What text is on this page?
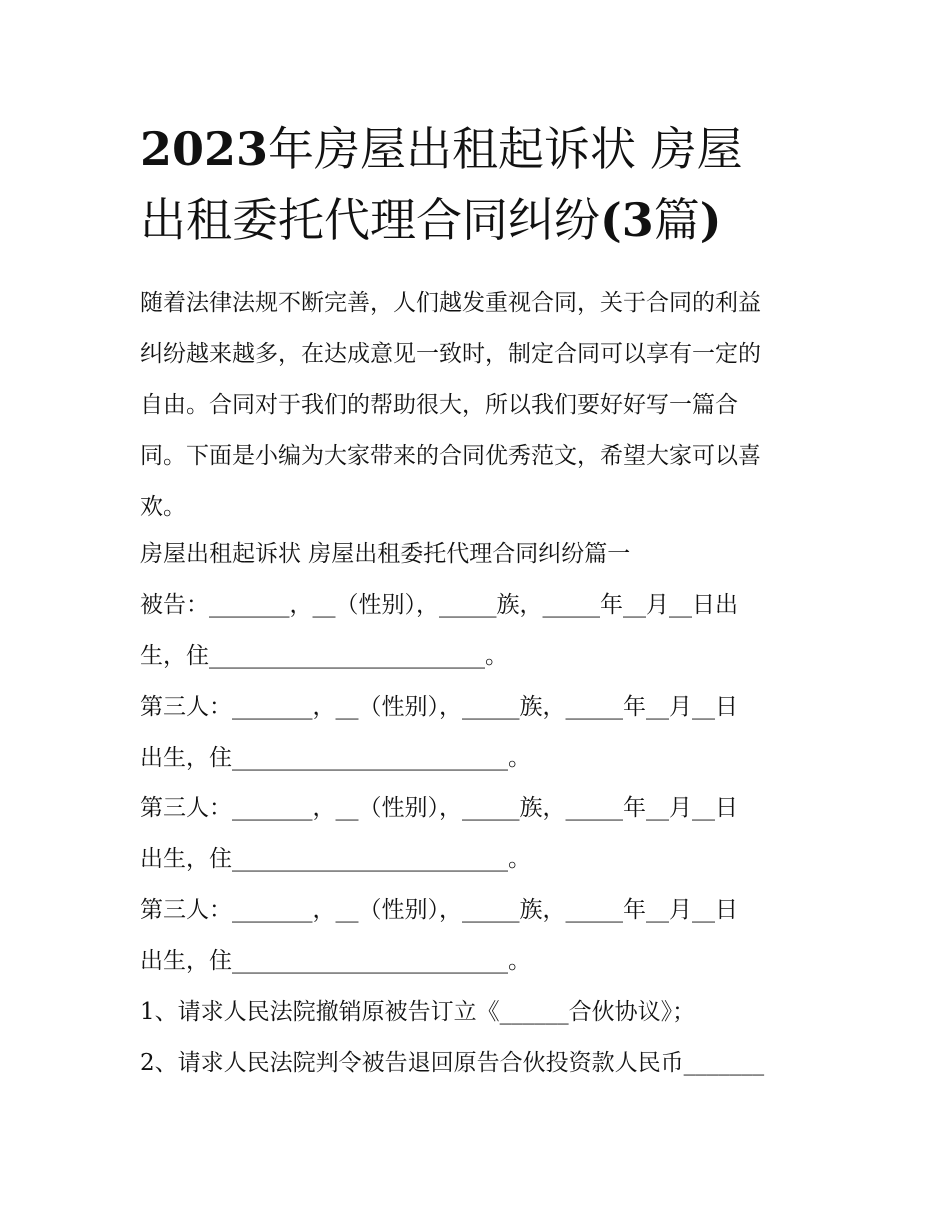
2023年房屋出租起诉状 房屋
出租委托代理合同纠纷(3篇)
随着法律法规不断完善，人们越发重视合同，关于合同的利益
纠纷越来越多，在达成意见一致时，制定合同可以享有一定的
自由。合同对于我们的帮助很大，所以我们要好好写一篇合
同。下面是小编为大家带来的合同优秀范文，希望大家可以喜
欢。
房屋出租起诉状 房屋出租委托代理合同纠纷篇一
被告：_______，__（性别），_____族，_____年__月__日出
生，住________________________。
第三人：_______，__（性别），_____族，_____年__月__日
出生，住________________________。
第三人：_______，__（性别），_____族，_____年__月__日
出生，住________________________。
第三人：_______，__（性别），_____族，_____年__月__日
出生，住________________________。
1、请求人民法院撤销原被告订立《______合伙协议》；
2、请求人民法院判令被告退回原告合伙投资款人民币_______
